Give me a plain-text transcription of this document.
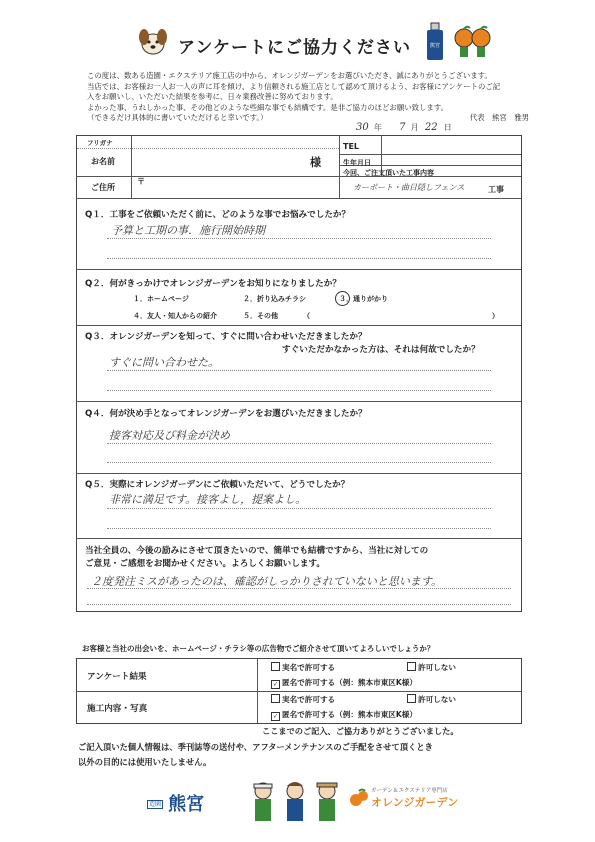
アンケートにご協力ください	熊宮
この度は、数ある造園・エクステリア施工店の中から、オレンジガーデンをお選びいただき、誠にありがとうございます。
当店では、お客様お一人お一人の声に耳を傾け、より信頼される施工店として認めて頂けるよう、お客様にアンケートのご記
入をお願いし、いただいた結果を参考に、日々業務改善に努めております。
よかった事、うれしかった事、その他どのような些細な事でも結構です。是非ご協力のほどお願い致します。
（できるだけ具体的に書いていただけると幸いです。）	代表　熊宮　雅男
30 年 7 月 22 日
フリガナ
お名前	様
TEL
生年月日
ご住所
〒
今回、ご注文頂いた工事内容
カーポート・曲目隠しフェンス	工事
Q１．工事をご依頼いただく前に、どのような事でお悩みでしたか？
予算と工期の事．施行開始時期
Q２．何がきっかけでオレンジガーデンをお知りになりましたか？
１．ホームページ	２．折り込みチラシ	３．通りがかり
４．友人・知人からの紹介	５．その他	（	）
Q３．オレンジガーデンを知って、すぐに問い合わせいただきましたか？
すぐいただかなかった方は、それは何故でしたか？
すぐに問い合わせた。
Q４．何が決め手となってオレンジガーデンをお選びいただきましたか？
接客対応及び料金が決め
Q５．実際にオレンジガーデンにご依頼いただいて、どうでしたか？
非常に満足です。接客よし，提案よし。
当社全員の、今後の励みにさせて頂きたいので、簡単でも結構ですから、当社に対しての
ご意見・ご感想をお聞かせください。よろしくお願いします。
２度発注ミスがあったのは、確認がしっかりされていないと思います。
お客様と当社の出会いを、ホームページ・チラシ等の広告物でご紹介させて頂いてよろしいでしょうか？
アンケート結果
実名で許可する	許可しない
✓ 匿名で許可する（例：熊本市東区K様）
施工内容・写真
実名で許可する	許可しない
✓ 匿名で許可する（例：熊本市東区K様）
ここまでのご記入、ご協力ありがとうございました。
ご記入頂いた個人情報は、季刊誌等の送付や、アフターメンテナンスのご手配をさせて頂くとき
以外の目的には使用いたしません。
$^{造園}$ 熊宮
ガーデン＆エクステリア専門店
オレンジガーデン
